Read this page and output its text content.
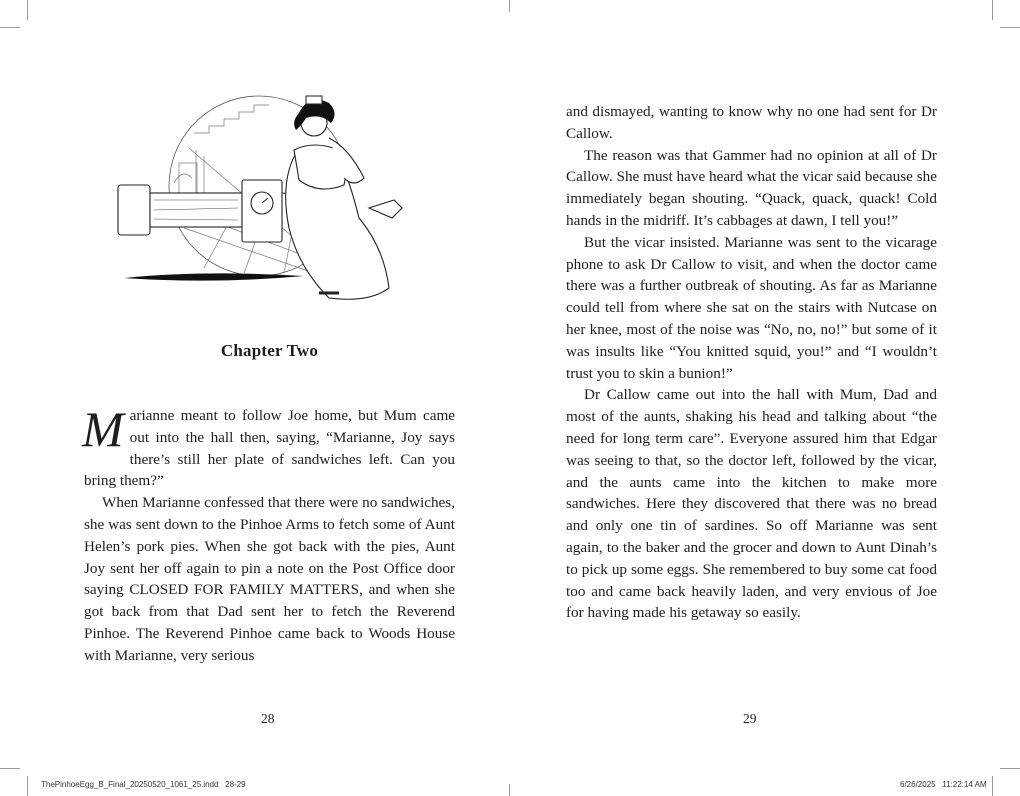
Chapter Two

Marianne meant to follow Joe home, but Mum came out into the hall then, saying, “Marianne, Joy says there’s still her plate of sandwiches left. Can you bring them?”

When Marianne confessed that there were no sandwiches, she was sent down to the Pinhoe Arms to fetch some of Aunt Helen’s pork pies. When she got back with the pies, Aunt Joy sent her off again to pin a note on the Post Office door saying CLOSED FOR FAMILY MATTERS, and when she got back from that Dad sent her to fetch the Reverend Pinhoe. The Reverend Pinhoe came back to Woods House with Marianne, very serious

28

and dismayed, wanting to know why no one had sent for Dr Callow.

The reason was that Gammer had no opinion at all of Dr Callow. She must have heard what the vicar said because she immediately began shouting. “Quack, quack, quack! Cold hands in the midriff. It’s cabbages at dawn, I tell you!”

But the vicar insisted. Marianne was sent to the vicarage phone to ask Dr Callow to visit, and when the doctor came there was a further outbreak of shouting. As far as Marianne could tell from where she sat on the stairs with Nutcase on her knee, most of the noise was “No, no, no!” but some of it was insults like “You knitted squid, you!” and “I wouldn’t trust you to skin a bunion!”

Dr Callow came out into the hall with Mum, Dad and most of the aunts, shaking his head and talking about “the need for long term care”. Everyone assured him that Edgar was seeing to that, so the doctor left, followed by the vicar, and the aunts came into the kitchen to make more sandwiches. Here they discovered that there was no bread and only one tin of sardines. So off Marianne was sent again, to the baker and the grocer and down to Aunt Dinah’s to pick up some eggs. She remembered to buy some cat food too and came back heavily laden, and very envious of Joe for having made his getaway so easily.

29
ThePinhoeEgg_B_Final_20250520_1061_25.indd   28-29	6/26/2025   11:22:14 AM
